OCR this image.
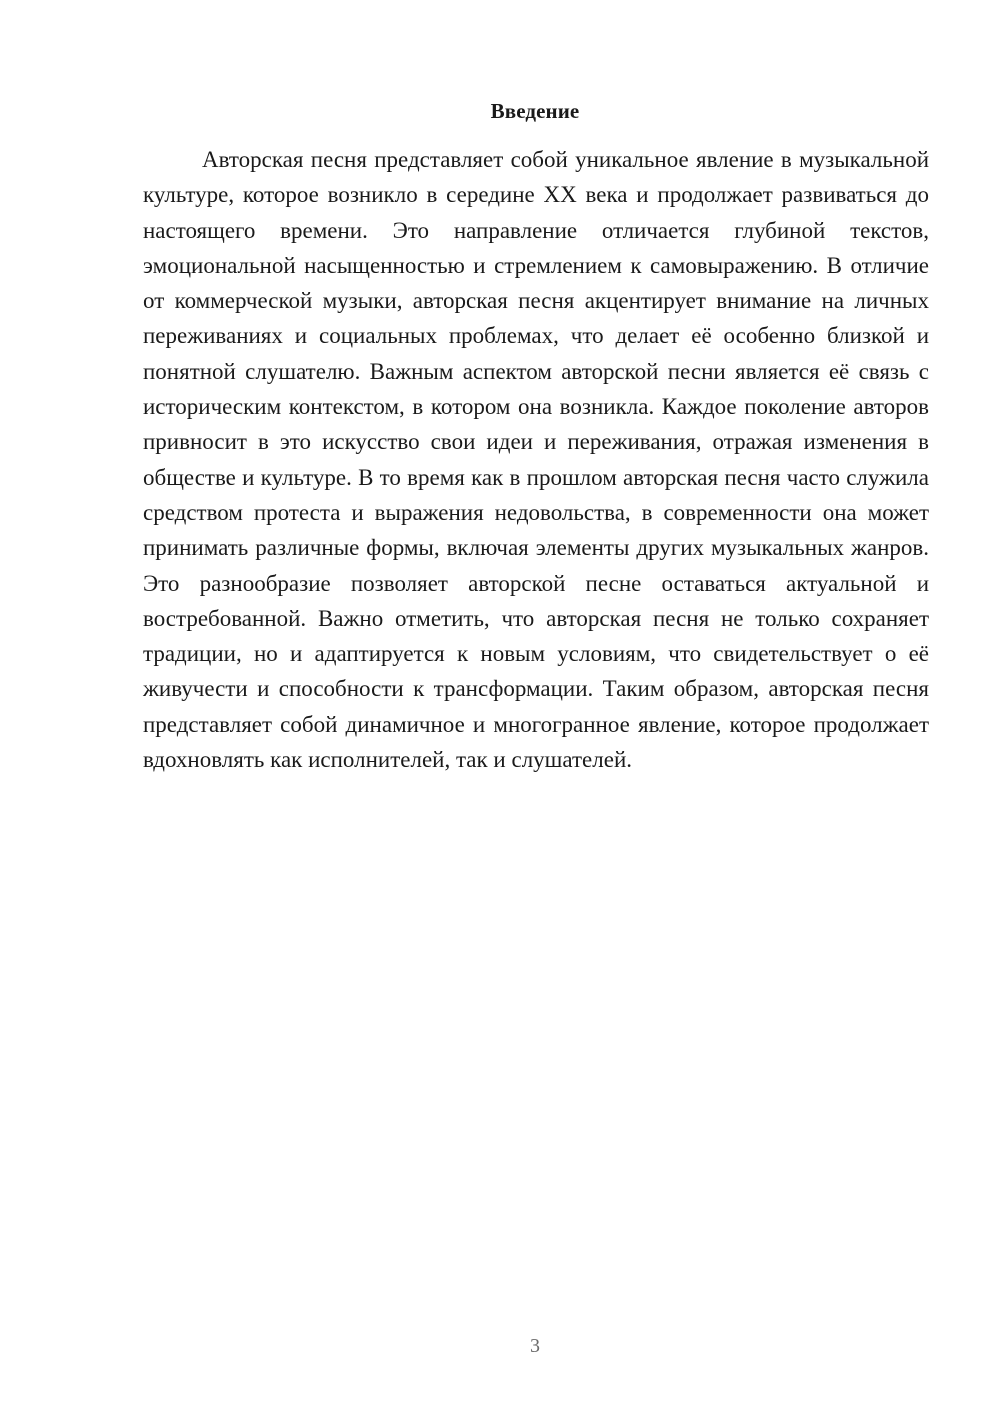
Введение

Авторская песня представляет собой уникальное явление в музыкальной культуре, которое возникло в середине XX века и продолжает развиваться до настоящего времени. Это направление отличается глубиной текстов, эмоциональной насыщенностью и стремлением к самовыражению. В отличие от коммерческой музыки, авторская песня акцентирует внимание на личных переживаниях и социальных проблемах, что делает её особенно близкой и понятной слушателю. Важным аспектом авторской песни является её связь с историческим контекстом, в котором она возникла. Каждое поколение авторов привносит в это искусство свои идеи и переживания, отражая изменения в обществе и культуре. В то время как в прошлом авторская песня часто служила средством протеста и выражения недовольства, в современности она может принимать различные формы, включая элементы других музыкальных жанров. Это разнообразие позволяет авторской песне оставаться актуальной и востребованной. Важно отметить, что авторская песня не только сохраняет традиции, но и адаптируется к новым условиям, что свидетельствует о её живучести и способности к трансформации. Таким образом, авторская песня представляет собой динамичное и многогранное явление, которое продолжает вдохновлять как исполнителей, так и слушателей.

3
